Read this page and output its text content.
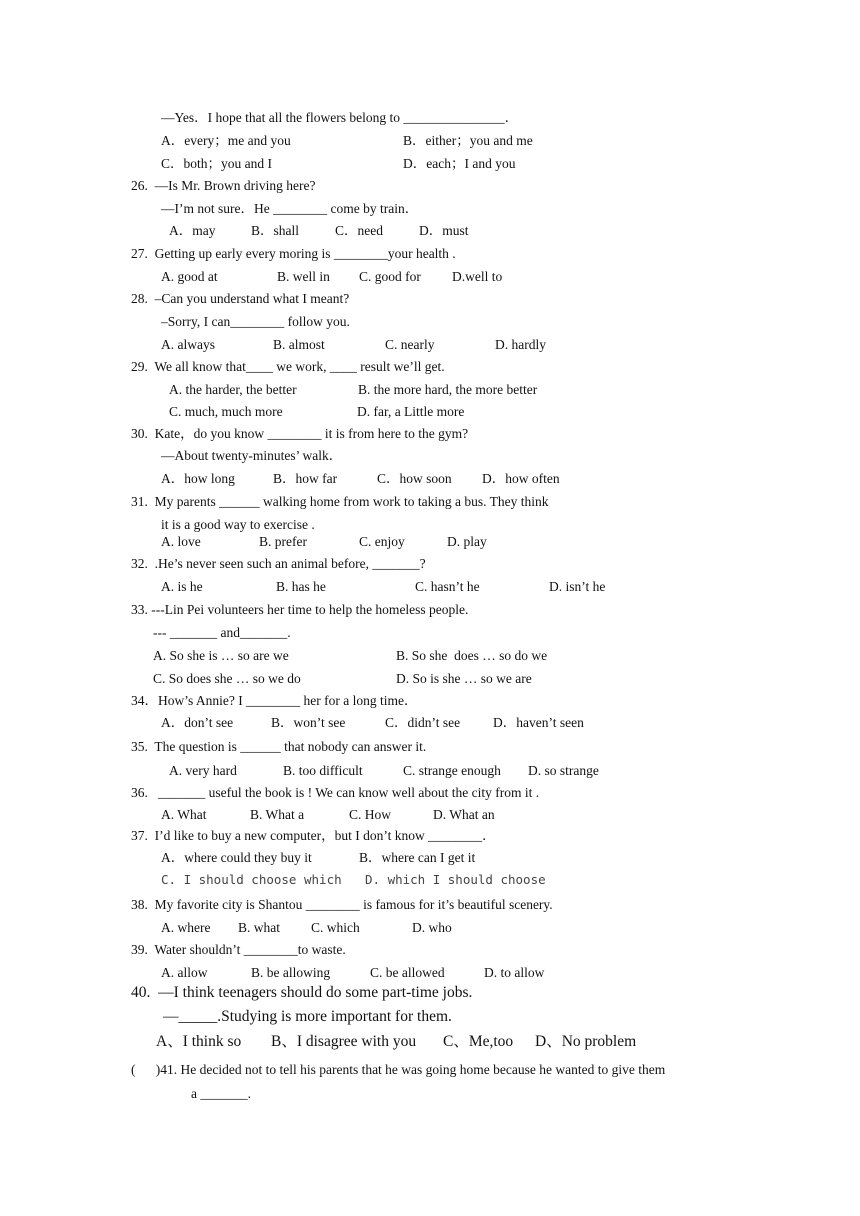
—Yes．I hope that all the flowers belong to _______________．
A．every；me and you	B．either；you and me
C．both；you and I	D．each；I and you
26.  —Is Mr. Brown driving here?
—I’m not sure．He ________ come by train．
A．may	B．shall	C．need	D．must
27.  Getting up early every moring is ________your health .
A. good at	B. well in C. good for D.well to
28.  –Can you understand what I meant?
–Sorry, I can________ follow you.
A. always	B. almost	C. nearly	D. hardly
29.  We all know that____ we work, ____ result we’ll get.
A. the harder, the better	B. the more hard, the more better
C. much, much more	D. far, a Little more
30.  Kate，do you know ________ it is from here to the gym?
—About twenty-minutes’ walk．
A．how long	B．how far	C．how soon D．how often
31.  My parents ______ walking home from work to taking a bus. They think
it is a good way to exercise .
A. love	B. prefer	C. enjoy	D. play
32.  .He’s never seen such an animal before, _______?
A. is he	B. has he	C. hasn’t he	D. isn’t he
33. ---Lin Pei volunteers her time to help the homeless people.
--- _______ and_______.
A. So she is … so are we	B. So she  does … so do we
C. So does she … so we do	D. So is she … so we are
34．How’s Annie? I ________ her for a long time．
A．don’t see	B．won’t see	C．didn’t see D．haven’t seen
35.  The question is ______ that nobody can answer it.
A. very hard	B. too difficult	C. strange enough D. so strange
36.   _______ useful the book is ! We can know well about the city from it .
A. What	B. What a	C. How	D. What an
37.  I’d like to buy a new computer，but I don’t know ________．
A．where could they buy it	B．where can I get it
C. I should choose which D. which I should choose
38.  My favorite city is Shantou ________ is famous for it’s beautiful scenery.
A. where B. what C. which	D. who
39.  Water shouldn’t ________to waste.
A. allow	B. be allowing	C. be allowed	D. to allow
40.  —I think teenagers should do some part-time jobs.
—_____.Studying is more important for them.
A、I think so B、I disagree with you C、Me,too D、No problem
(      )41. He decided not to tell his parents that he was going home because he wanted to give them
a _______.
